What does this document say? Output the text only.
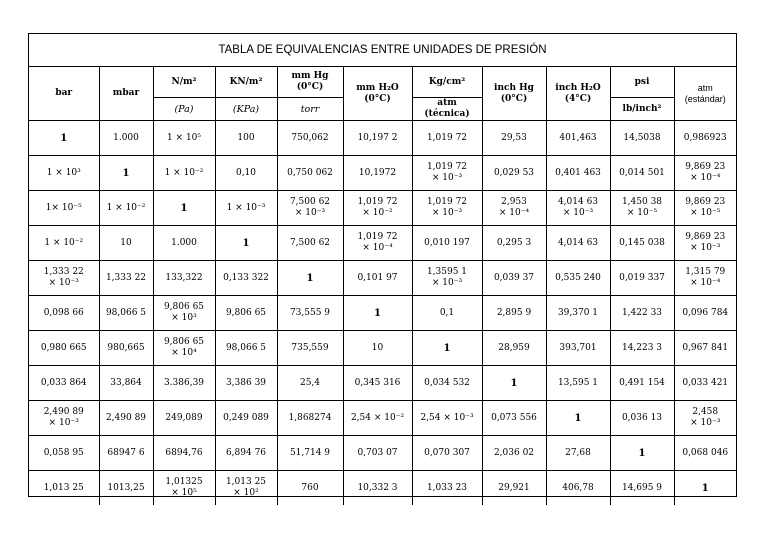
TABLA DE EQUIVALENCIAS ENTRE UNIDADES DE PRESIÓN
bar	mbar	N/m²	KN/m²	mm Hg (0°C)	mm H₂O
(0°C)	Kg/cm²	inch Hg
(0°C)	inch H₂O
(4°C)	psi	atm
(estándar)

		(Pa)	(KPa)	torr		atm (técnica)			lb/inch²	

1	1.000	1 × 10⁵	100	750,062	10,197 2	1,019 72	29,53	401,463	14,5038	0,986923

1 × 10³	1	1 × 10⁻²	0,10	0,750 062	10,1972	1,019 72
× 10⁻³	0,029 53	0,401 463	0,014 501	9,869 23
× 10⁻⁴

1× 10⁻⁵	1 × 10⁻²	1	1 × 10⁻³	7,500 62
× 10⁻³	1,019 72
× 10⁻²	1,019 72
× 10⁻³	2,953
× 10⁻⁴	4,014 63
× 10⁻³	1,450 38
× 10⁻⁵	9,869 23
× 10⁻⁵

1 × 10⁻²	10	1.000	1	7,500 62	1,019 72
× 10⁻⁴	0,010 197	0,295 3	4,014 63	0,145 038	9,869 23
× 10⁻³

1,333 22
× 10⁻³	1,333 22	133,322	0,133 322	1	0,101 97	1,3595 1
× 10⁻³	0,039 37	0,535 240	0,019 337	1,315 79
× 10⁻⁴

0,098 66	98,066 5	9,806 65
× 10³	9,806 65	73,555 9	1	0,1	2,895 9	39,370 1	1,422 33	0,096 784

0,980 665	980,665	9,806 65
× 10⁴	98,066 5	735,559	10	1	28,959	393,701	14,223 3	0,967 841

0,033 864	33,864	3.386,39	3,386 39	25,4	0,345 316	0,034 532	1	13,595 1	0,491 154	0,033 421

2,490 89
× 10⁻³	2,490 89	249,089	0,249 089	1,868274	2,54 × 10⁻²	2,54 × 10⁻³	0,073 556	1	0,036 13	2,458
× 10⁻³

0,058 95	68947 6	6894,76	6,894 76	51,714 9	0,703 07	0,070 307	2,036 02	27,68	1	0,068 046

1,013 25	1013,25	1,01325
× 10⁵	1,013 25
× 10²	760	10,332 3	1,033 23	29,921	406,78	14,695 9	1
